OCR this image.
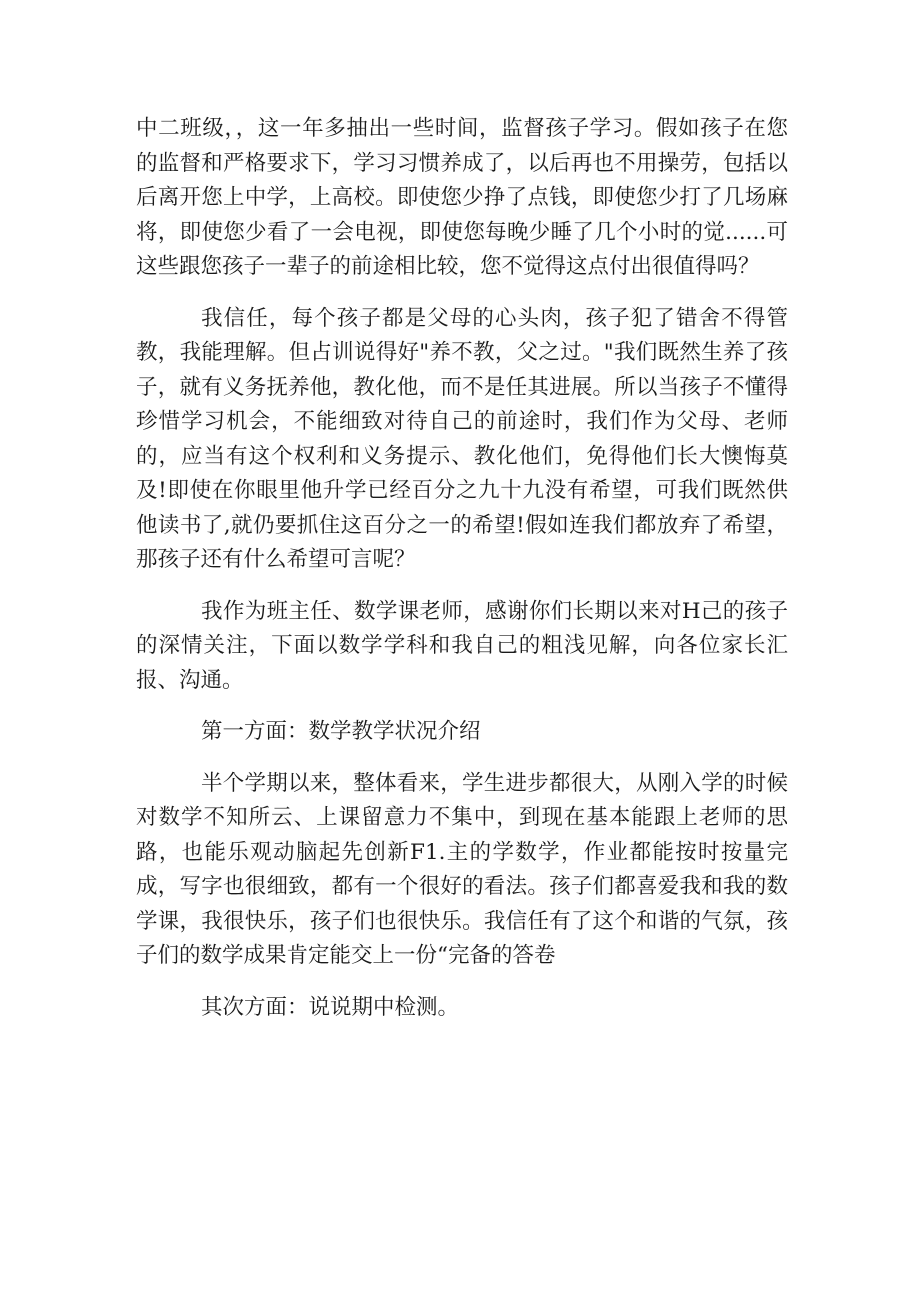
中二班级，，这一年多抽出一些时间，监督孩子学习。假如孩子在您的监督和严格要求下，学习习惯养成了，以后再也不用操劳，包括以后离开您上中学，上高校。即使您少挣了点钱，即使您少打了几场麻将，即使您少看了一会电视，即使您每晚少睡了几个小时的觉......可这些跟您孩子一辈子的前途相比较，您不觉得这点付出很值得吗？

我信任，每个孩子都是父母的心头肉，孩子犯了错舍不得管教，我能理解。但占训说得好"养不教，父之过。"我们既然生养了孩子，就有义务抚养他，教化他，而不是任其进展。所以当孩子不懂得珍惜学习机会，不能细致对待自己的前途时，我们作为父母、老师的，应当有这个权利和义务提示、教化他们，免得他们长大懊悔莫及!即使在你眼里他升学已经百分之九十九没有希望，可我们既然供他读书了,就仍要抓住这百分之一的希望!假如连我们都放弃了希望，那孩子还有什么希望可言呢？

我作为班主任、数学课老师，感谢你们长期以来对H己的孩子的深情关注，下面以数学学科和我自己的粗浅见解，向各位家长汇报、沟通。

第一方面：数学教学状况介绍

半个学期以来，整体看来，学生进步都很大，从刚入学的时候对数学不知所云、上课留意力不集中，到现在基本能跟上老师的思路，也能乐观动脑起先创新F1.主的学数学，作业都能按时按量完成，写字也很细致，都有一个很好的看法。孩子们都喜爱我和我的数学课，我很快乐，孩子们也很快乐。我信任有了这个和谐的气氛，孩子们的数学成果肯定能交上一份“完备的答卷

其次方面：说说期中检测。
